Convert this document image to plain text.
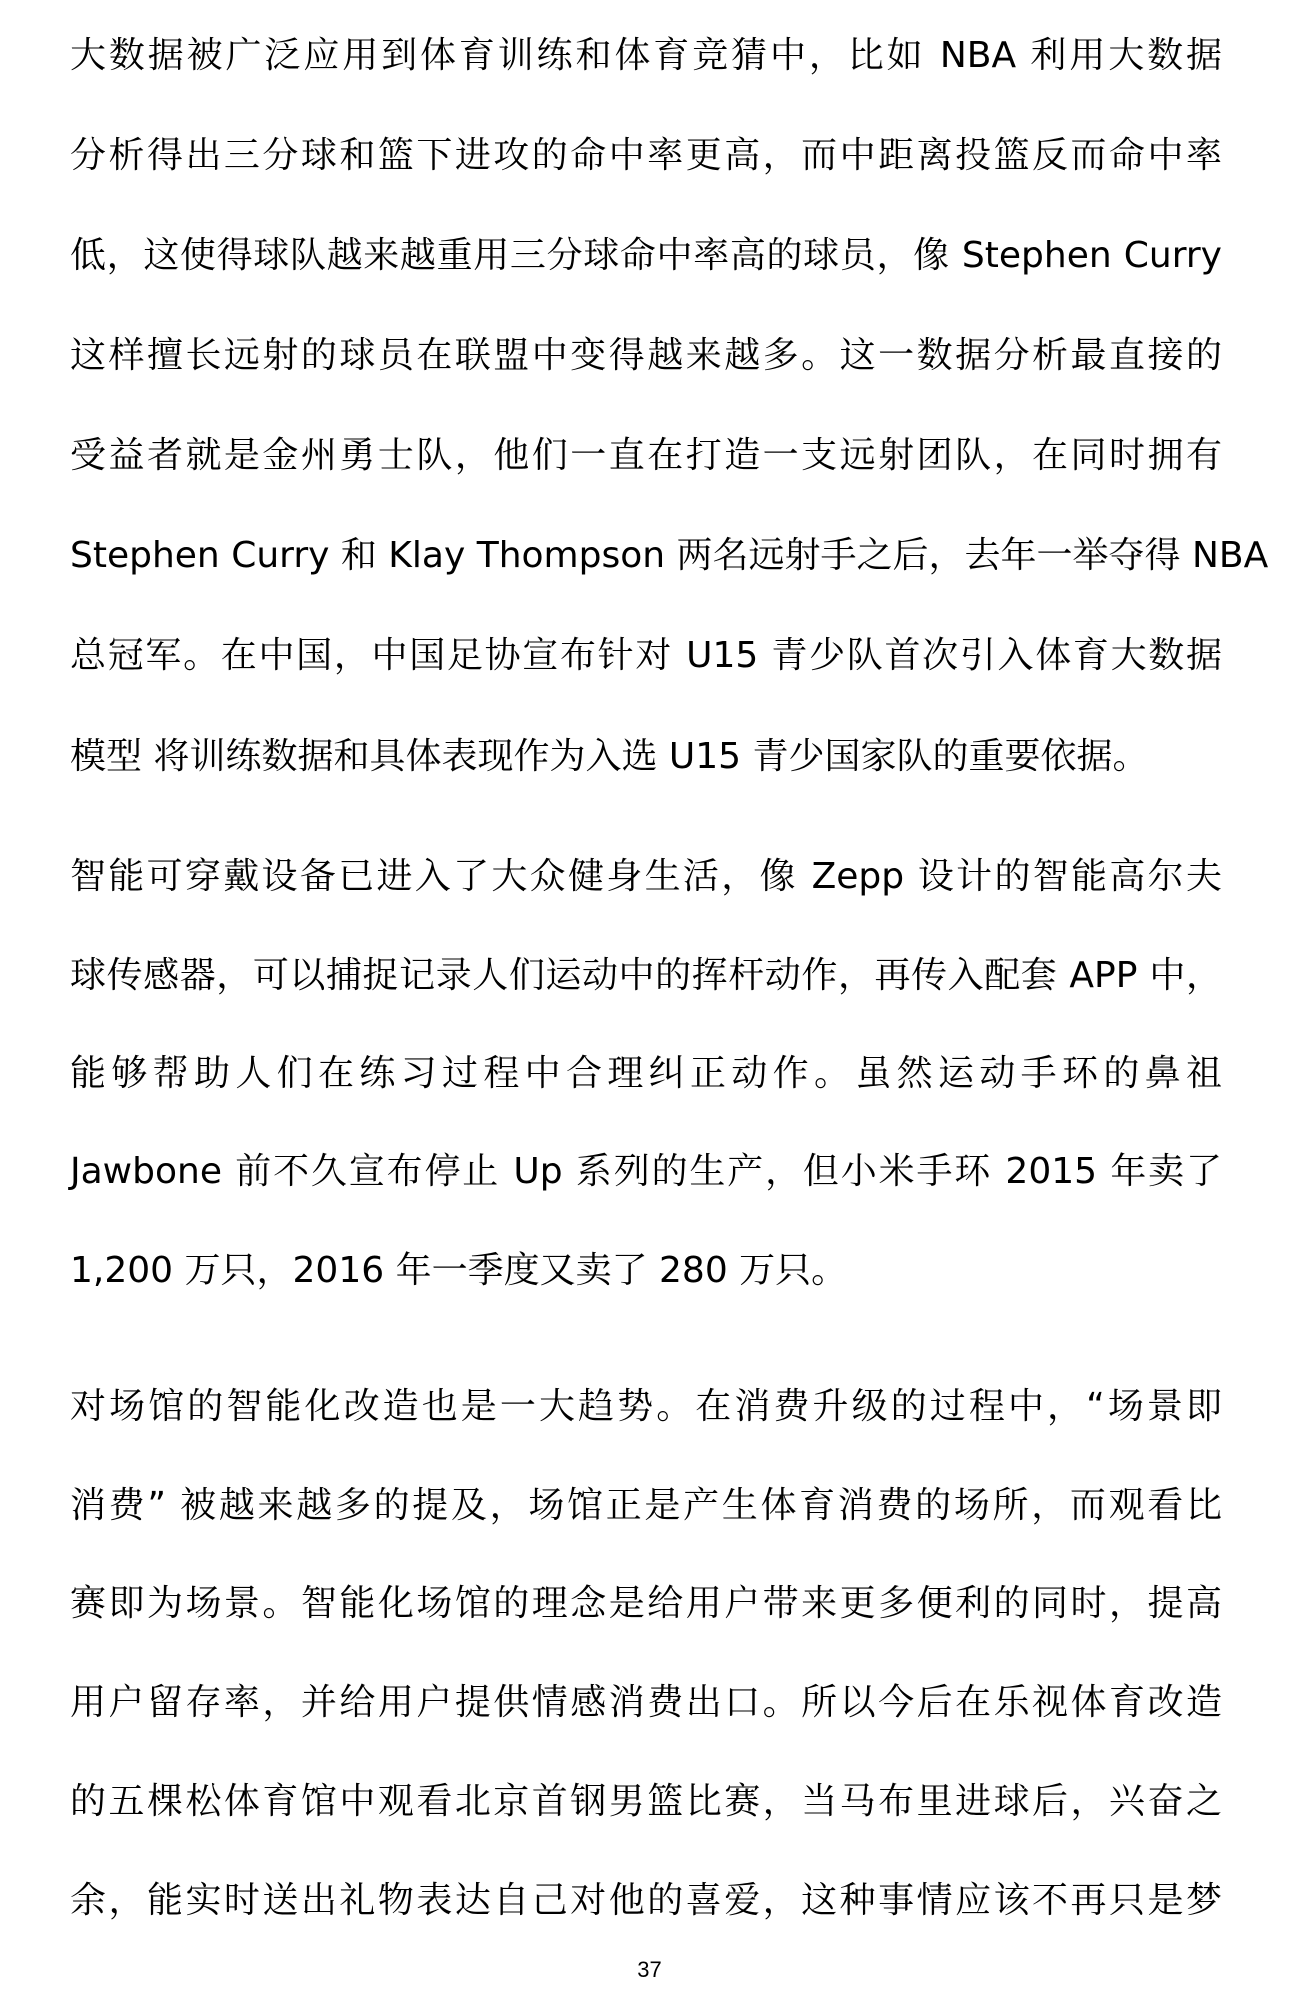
大数据被广泛应用到体育训练和体育竞猜中，比如 NBA 利用大数据
分析得出三分球和篮下进攻的命中率更高，而中距离投篮反而命中率
低，这使得球队越来越重用三分球命中率高的球员，像 Stephen Curry
这样擅长远射的球员在联盟中变得越来越多。这一数据分析最直接的
受益者就是金州勇士队，他们一直在打造一支远射团队，在同时拥有
Stephen Curry 和 Klay Thompson 两名远射手之后，去年一举夺得 NBA
总冠军。在中国，中国足协宣布针对 U15 青少队首次引入体育大数据
模型 将训练数据和具体表现作为入选 U15 青少国家队的重要依据。
智能可穿戴设备已进入了大众健身生活，像 Zepp 设计的智能高尔夫
球传感器，可以捕捉记录人们运动中的挥杆动作，再传入配套 APP 中，
能够帮助人们在练习过程中合理纠正动作。虽然运动手环的鼻祖
Jawbone 前不久宣布停止 Up 系列的生产，但小米手环 2015 年卖了
1,200 万只，2016 年一季度又卖了 280 万只。
对场馆的智能化改造也是一大趋势。在消费升级的过程中，“场景即
消费” 被越来越多的提及，场馆正是产生体育消费的场所，而观看比
赛即为场景。智能化场馆的理念是给用户带来更多便利的同时，提高
用户留存率，并给用户提供情感消费出口。所以今后在乐视体育改造
的五棵松体育馆中观看北京首钢男篮比赛，当马布里进球后，兴奋之
余，能实时送出礼物表达自己对他的喜爱，这种事情应该不再只是梦
37
